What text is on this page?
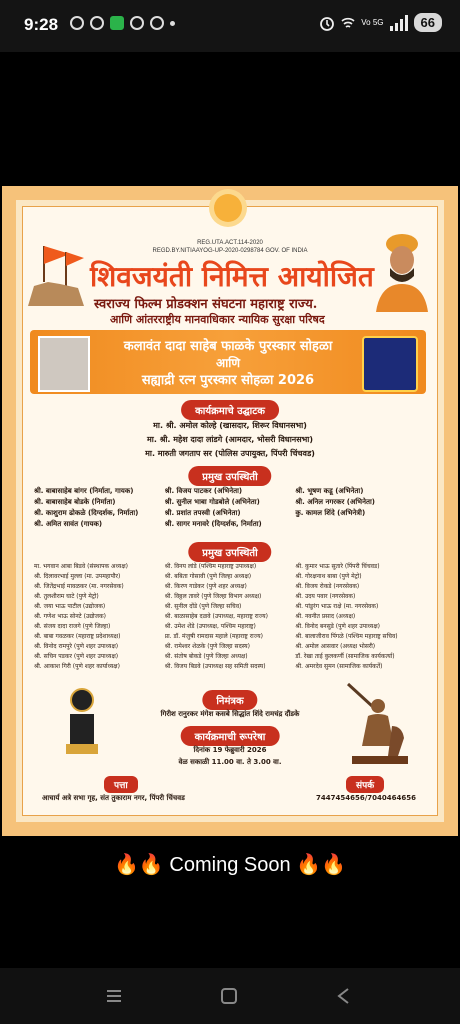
9:28	Vo 5G	66
REG.UTA.ACT.114-2020
REGD.BY.NITIAAYOG-UP-2020-0298784 GOV. OF INDIA
शिवजयंती निमित्त आयोजित
स्वराज्य फिल्म प्रोडक्शन संघटना महाराष्ट्र राज्य.
आणि आंतरराष्ट्रीय मानवाधिकार न्यायिक सुरक्षा परिषद
कलावंत दादा साहेब फाळके पुरस्कार सोहळा
आणि
सह्याद्री रत्न पुरस्कार सोहळा 2026
कार्यक्रमाचे उद्घाटक
मा. श्री. अमोल कोल्हे (खासदार, शिरूर विधानसभा)
मा. श्री. महेश दादा लांडगे (आमदार, भोसरी विधानसभा)
मा. मारुती जगताप सर (पोलिस उपायुक्त, पिंपरी चिंचवड)
प्रमुख उपस्थिती
श्री. बाबासाहेब बांगर (निर्माता, गायक)
श्री. बाबासाहेब बोडके (निर्माता)
श्री. काशुराम ढोकळे (दिग्दर्शक, निर्माता)
श्री. अमित सावंत (गायक)
श्री. विजय पाटकर (अभिनेता)
श्री. सुनील भाबा गोडबोले (अभिनेता)
श्री. प्रशांत तपस्वी (अभिनेता)
श्री. सागर मनावरे (दिग्दर्शक, निर्माता)
श्री. भूषण कडू (अभिनेता)
श्री. अनिल नगरकर (अभिनेता)
कु. कामल शिंदे (अभिनेत्री)
प्रमुख उपस्थिती
मा. भगवान आबा बिडवे (संस्थापक अध्यक्ष)
श्री. दिलावरभाई मुल्ला (मा. उपमहापौर)
श्री. जितेंद्रभाई मावळकर (मा. नगरसेवक)
श्री. तुलशीराम घाटे (पुणे मेट्रो)
श्री. जया भाऊ पाटील (उद्योजक)
श्री. गणेश भाऊ सोनटे (उद्योजक)
श्री. संजय दादा राजगे (पुणे जिल्हा)
श्री. बाबा गवळकर (महाराष्ट्र प्रदेशाध्यक्ष)
श्री. विनोद रामपुरे (पुणे शहर उपाध्यक्ष)
श्री. सचिन पडकर (पुणे शहर उपाध्यक्ष)
श्री. आकाश गिरी (पुणे शहर कार्याध्यक्ष)
श्री. विनय लांडे (पश्चिम महाराष्ट्र उपाध्यक्ष)
श्री. बबिता गोसावी (पुणे जिल्हा अध्यक्ष)
श्री. किरण गाडेकर (पुणे शहर अध्यक्ष)
श्री. विठ्ठल तावरे (पुणे जिल्हा विभाग अध्यक्ष)
श्री. सुनील दोंडे (पुणे जिल्हा सचिव)
श्री. बाळासाहेब दळवे (उपाध्यक्ष, महाराष्ट्र राज्य)
श्री. उमेश शेंडे (उपाध्यक्ष, पश्चिम महाराष्ट्र)
प्रा. डॉ. मंजुषी रामदास महाले (महाराष्ट्र राज्य)
श्री. रामेश्वर शेळके (पुणे जिल्हा सदस्य)
श्री. संतोष बोकडे (पुणे जिल्हा अध्यक्ष)
श्री. विजय बिडवे (उपाध्यक्ष सह समिती सदस्य)
श्री. कुमार भाऊ सुतारे (पिंपरी चिंचवड)
श्री. गोरक्षनाथ बाबा (पुणे मेट्रो)
श्री. विजय रोकडे (नगरसेवक)
श्री. उदय पवार (नगरसेवक)
श्री. पांडुरंग भाऊ राक्षे (मा. नगरसेवक)
श्री. नवनीत प्रसाद (अध्यक्ष)
श्री. विनोद बनसुडे (पुणे शहर उपाध्यक्ष)
श्री. बालाजीराव पिंगळे (पश्चिम महाराष्ट्र सचिव)
श्री. अमोल आसवार (अध्यक्ष भोसरी)
डॉ. रेखा ताई कुलकर्णी (सामाजिक कार्यकर्त्या)
श्री. अमरदेव सुमन (सामाजिक कार्यकर्ते)
निमंत्रक
गिरीश रानुरकर मंगेश कसबे सिद्धांत शिंदे रामचंद्र दौंडके
कार्यक्रमाची रूपरेषा
दिनांक 19 फेब्रुवारी 2026
वेळ सकाळी 11.00 वा. ते 3.00 वा.
पत्ता
आचार्य अत्रे सभा गृह, संत तुकाराम नगर, पिंपरी चिंचवड
संपर्क
7447454656/7040464656
🔥🔥 Coming Soon 🔥🔥
